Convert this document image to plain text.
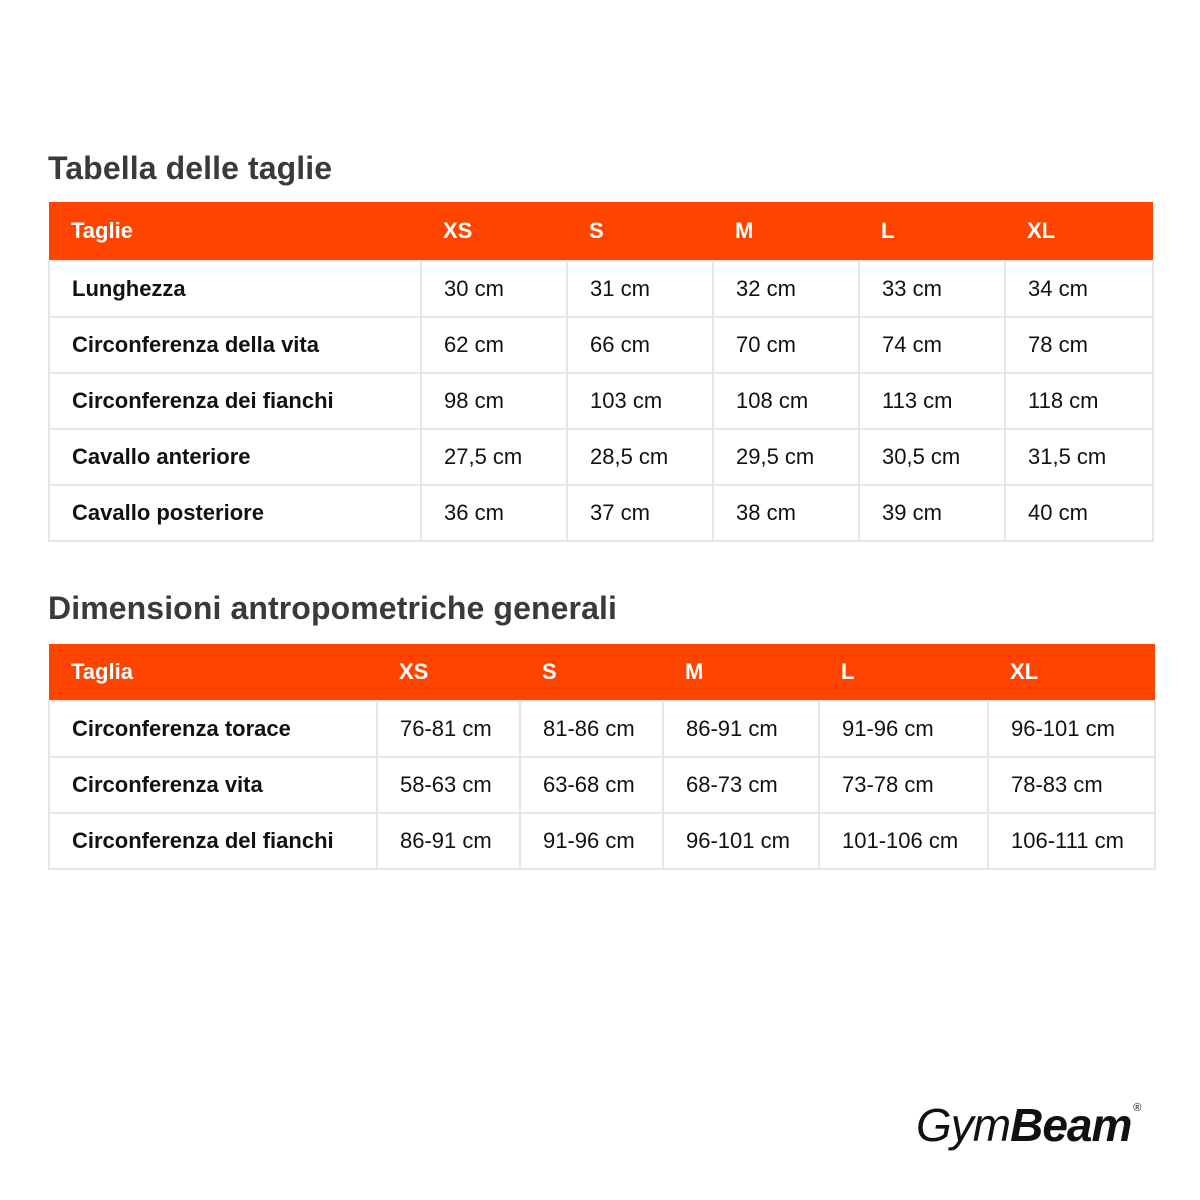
Tabella delle taglie
Taglie	XS	S	M	L	XL
Lunghezza	30 cm	31 cm	32 cm	33 cm	34 cm
Circonferenza della vita	62 cm	66 cm	70 cm	74 cm	78 cm
Circonferenza dei fianchi	98 cm	103 cm	108 cm	113 cm	118 cm
Cavallo anteriore	27,5 cm	28,5 cm	29,5 cm	30,5 cm	31,5 cm
Cavallo posteriore	36 cm	37 cm	38 cm	39 cm	40 cm
Dimensioni antropometriche generali
Taglia	XS	S	M	L	XL
Circonferenza torace	76-81 cm	81-86 cm	86-91 cm	91-96 cm	96-101 cm
Circonferenza vita	58-63 cm	63-68 cm	68-73 cm	73-78 cm	78-83 cm
Circonferenza del fianchi	86-91 cm	91-96 cm	96-101 cm	101-106 cm	106-111 cm
GymBeam ®
